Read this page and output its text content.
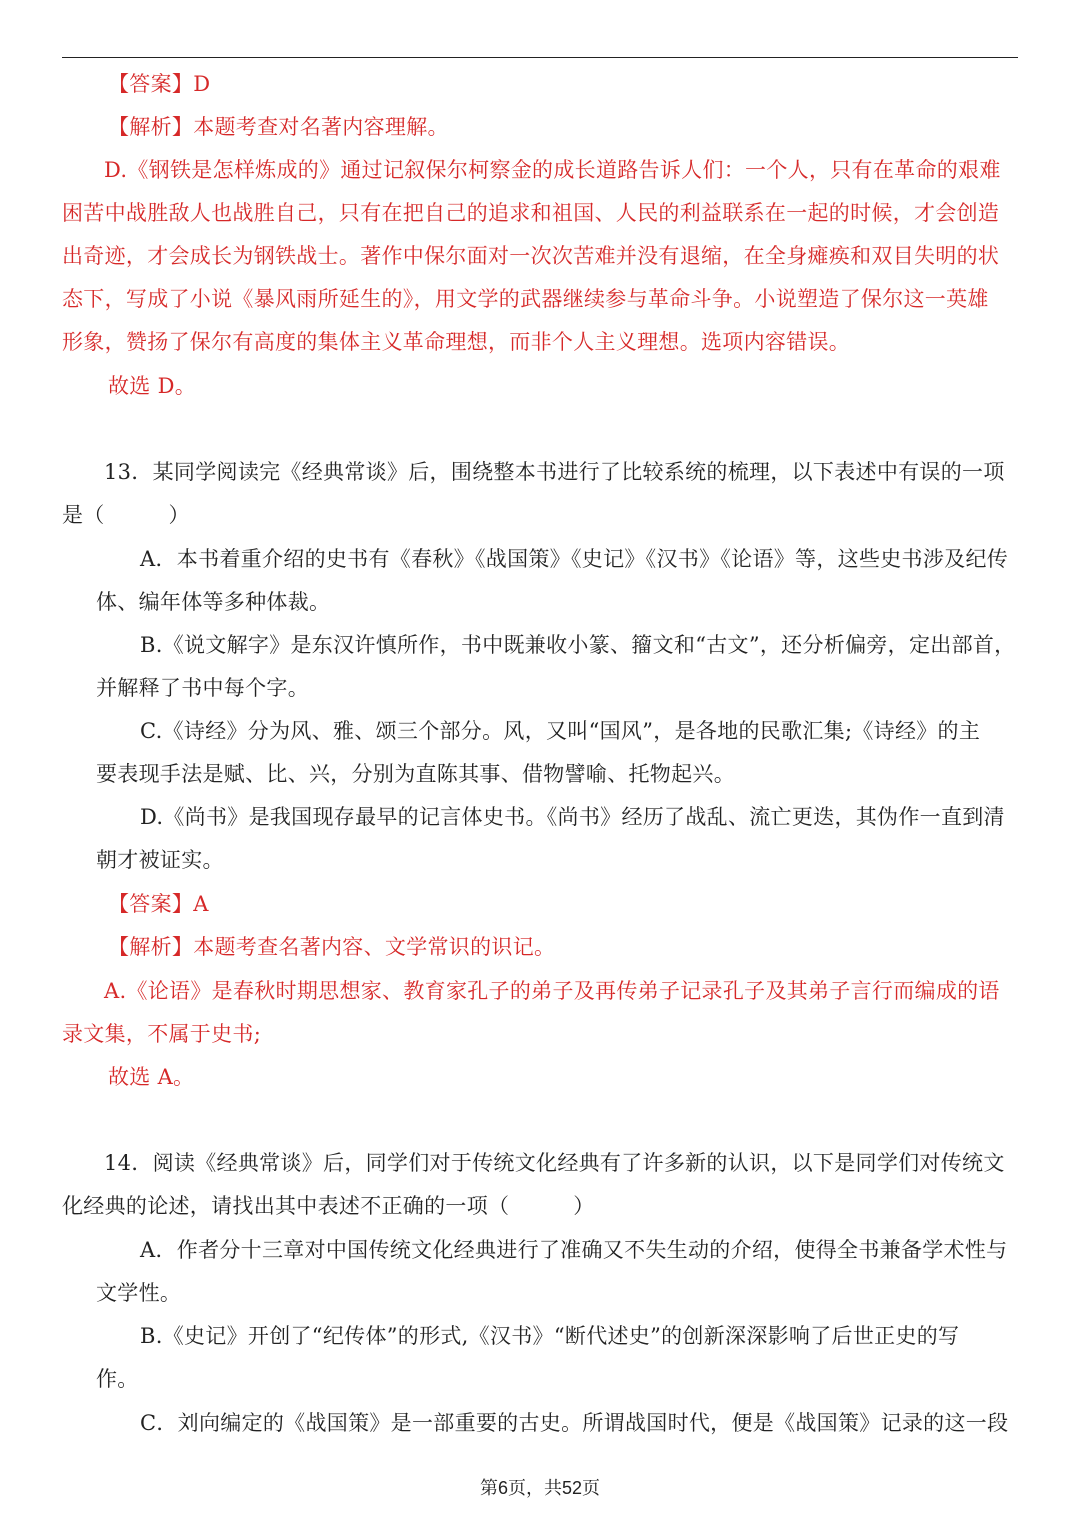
【答案】D
【解析】本题考查对名著内容理解。
D.《钢铁是怎样炼成的》通过记叙保尔柯察金的成长道路告诉人们：一个人，只有在革命的艰难
困苦中战胜敌人也战胜自己，只有在把自己的追求和祖国、人民的利益联系在一起的时候，才会创造
出奇迹，才会成长为钢铁战士。著作中保尔面对一次次苦难并没有退缩，在全身瘫痪和双目失明的状
态下，写成了小说《暴风雨所延生的》，用文学的武器继续参与革命斗争。小说塑造了保尔这一英雄
形象，赞扬了保尔有高度的集体主义革命理想，而非个人主义理想。选项内容错误。
故选 D。
13．某同学阅读完《经典常谈》后，围绕整本书进行了比较系统的梳理，以下表述中有误的一项
是（　　　）
A．本书着重介绍的史书有《春秋》《战国策》《史记》《汉书》《论语》等，这些史书涉及纪传
体、编年体等多种体裁。
B.《说文解字》是东汉许慎所作，书中既兼收小篆、籀文和“古文”，还分析偏旁，定出部首，
并解释了书中每个字。
C.《诗经》分为风、雅、颂三个部分。风，又叫“国风”，是各地的民歌汇集;《诗经》的主
要表现手法是赋、比、兴，分别为直陈其事、借物譬喻、托物起兴。
D.《尚书》是我国现存最早的记言体史书。《尚书》经历了战乱、流亡更迭，其伪作一直到清
朝才被证实。
【答案】A
【解析】本题考查名著内容、文学常识的识记。
A.《论语》是春秋时期思想家、教育家孔子的弟子及再传弟子记录孔子及其弟子言行而编成的语
录文集，不属于史书;
故选 A。
14．阅读《经典常谈》后，同学们对于传统文化经典有了许多新的认识，以下是同学们对传统文
化经典的论述，请找出其中表述不正确的一项（　　　）
A．作者分十三章对中国传统文化经典进行了准确又不失生动的介绍，使得全书兼备学术性与
文学性。
B.《史记》开创了“纪传体”的形式,《汉书》“断代述史”的创新深深影响了后世正史的写
作。
C．刘向编定的《战国策》是一部重要的古史。所谓战国时代，便是《战国策》记录的这一段
第6页，共52页
